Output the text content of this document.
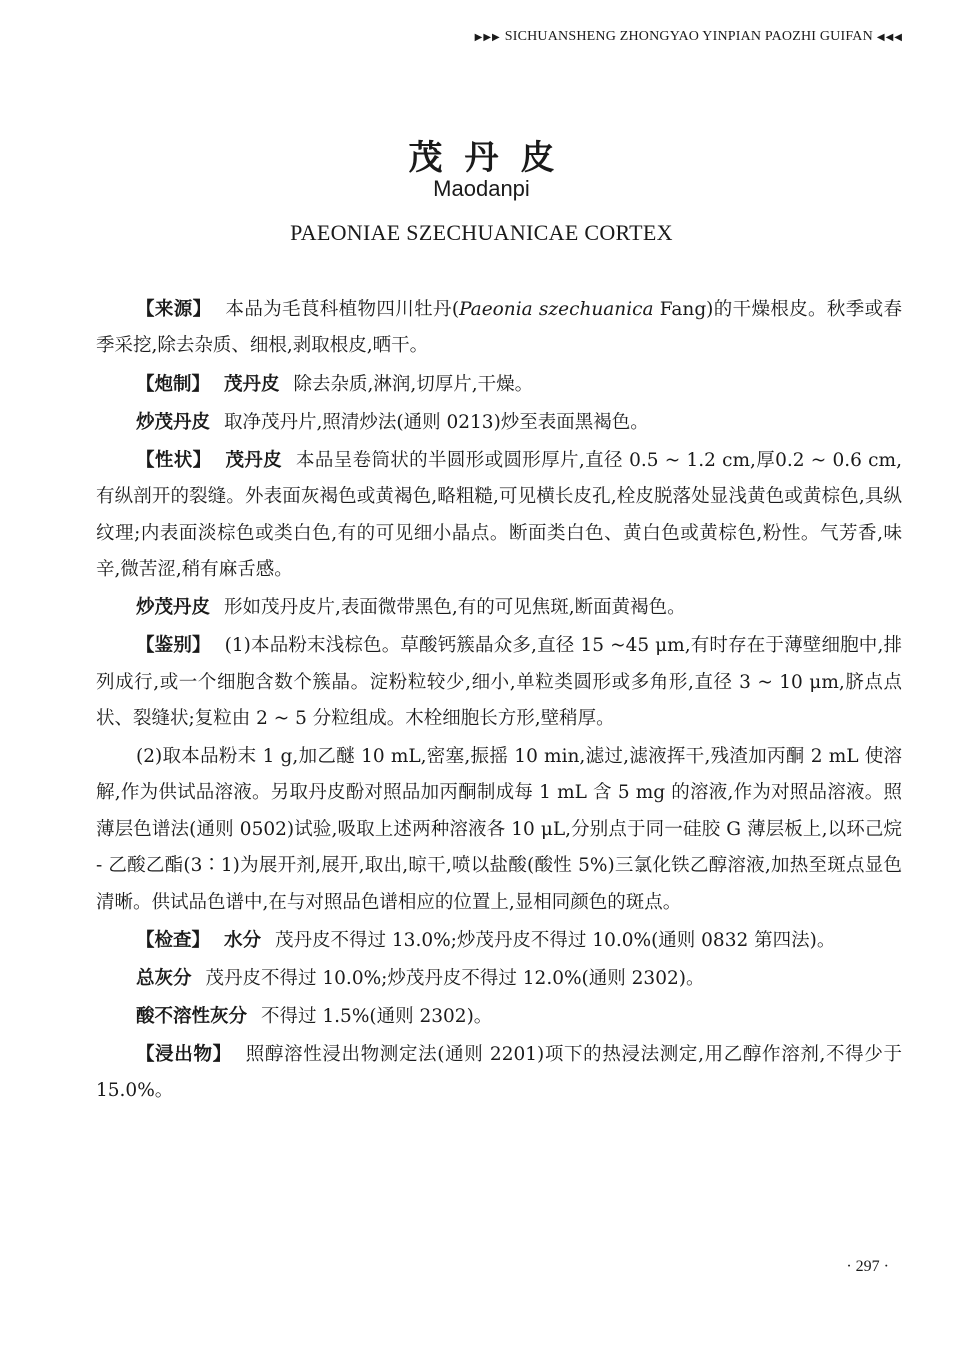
▶▶▶ SICHUANSHENG ZHONGYAO YINPIAN PAOZHI GUIFAN ◀◀◀
茂丹皮
Maodanpi
PAEONIAE SZECHUANICAE CORTEX

【来源】 本品为毛茛科植物四川牡丹(Paeonia szechuanica Fang)的干燥根皮。秋季或春季采挖,除去杂质、细根,剥取根皮,晒干。

【炮制】 茂丹皮 除去杂质,淋润,切厚片,干燥。

炒茂丹皮 取净茂丹片,照清炒法(通则 0213)炒至表面黑褐色。

【性状】 茂丹皮 本品呈卷筒状的半圆形或圆形厚片,直径 0.5 ~ 1.2 cm,厚0.2 ~ 0.6 cm,有纵剖开的裂缝。外表面灰褐色或黄褐色,略粗糙,可见横长皮孔,栓皮脱落处显浅黄色或黄棕色,具纵纹理;内表面淡棕色或类白色,有的可见细小晶点。断面类白色、黄白色或黄棕色,粉性。气芳香,味辛,微苦涩,稍有麻舌感。

炒茂丹皮 形如茂丹皮片,表面微带黑色,有的可见焦斑,断面黄褐色。

【鉴别】 (1)本品粉末浅棕色。草酸钙簇晶众多,直径 15 ~45 μm,有时存在于薄壁细胞中,排列成行,或一个细胞含数个簇晶。淀粉粒较少,细小,单粒类圆形或多角形,直径 3 ~ 10 μm,脐点点状、裂缝状;复粒由 2 ~ 5 分粒组成。木栓细胞长方形,壁稍厚。

(2)取本品粉末 1 g,加乙醚 10 mL,密塞,振摇 10 min,滤过,滤液挥干,残渣加丙酮 2 mL 使溶解,作为供试品溶液。另取丹皮酚对照品加丙酮制成每 1 mL 含 5 mg 的溶液,作为对照品溶液。照薄层色谱法(通则 0502)试验,吸取上述两种溶液各 10 μL,分别点于同一硅胶 G 薄层板上,以环己烷 - 乙酸乙酯(3∶1)为展开剂,展开,取出,晾干,喷以盐酸(酸性 5%)三氯化铁乙醇溶液,加热至斑点显色清晰。供试品色谱中,在与对照品色谱相应的位置上,显相同颜色的斑点。

【检查】 水分 茂丹皮不得过 13.0%;炒茂丹皮不得过 10.0%(通则 0832 第四法)。

总灰分 茂丹皮不得过 10.0%;炒茂丹皮不得过 12.0%(通则 2302)。

酸不溶性灰分 不得过 1.5%(通则 2302)。

【浸出物】 照醇溶性浸出物测定法(通则 2201)项下的热浸法测定,用乙醇作溶剂,不得少于 15.0%。

· 297 ·
